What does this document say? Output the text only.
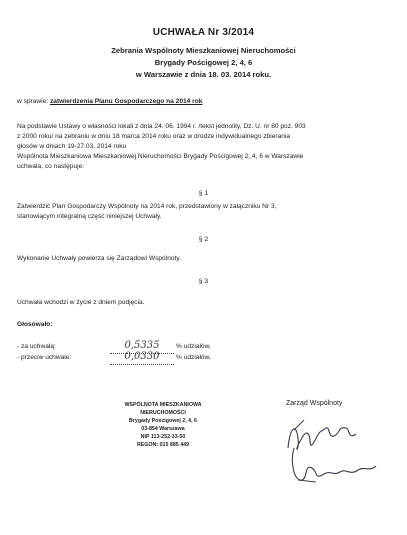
UCHWAŁA Nr 3/2014
Zebrania Wspólnoty Mieszkaniowej Nieruchomości
Brygady Pościgowej 2, 4, 6
w Warszawie z dnia 18. 03. 2014 roku.
w sprawie: zatwierdzenia Planu Gospodarczego na 2014 rok
Na podstawie Ustawy o własności lokali z dnia 24. 06. 1994 r. /tekst jednolity, Dz. U. nr 80 poz. 903
z 2000 roku/ na zebraniu w dniu 18 marca 2014 roku oraz w drodze indywidualnego zbierania
głosów w dniach 19-27.03. 2014 roku
Wspólnota Mieszkaniowa Mieszkaniowej Nieruchomości Brygady Pościgowej 2, 4, 6 w Warszawie
uchwala, co następuje:
§ 1
Zatwierdzić Plan Gospodarczy Wspólnoty na 2014 rok, przedstawiony w załączniku Nr 3,
stanowiącym integralną część niniejszej Uchwały.
§ 2
Wykonanie Uchwały powierza się Zarządowi Wspólnoty.
§ 3
Uchwała wchodzi w życie z dniem podjęcia.
Głosowało:
- za uchwałą:	0,5335	% udziałów,
- przeciw uchwale:	0,0330	% udziałów,
WSPÓLNOTA MIESZKANIOWA
NIERUCHOMOŚCI
Brygady Pościgowej 2, 4, 6
03-854 Warszawa
NIP 113-252-33-50
REGON: 015 885 449
Zarząd Wspólnoty
